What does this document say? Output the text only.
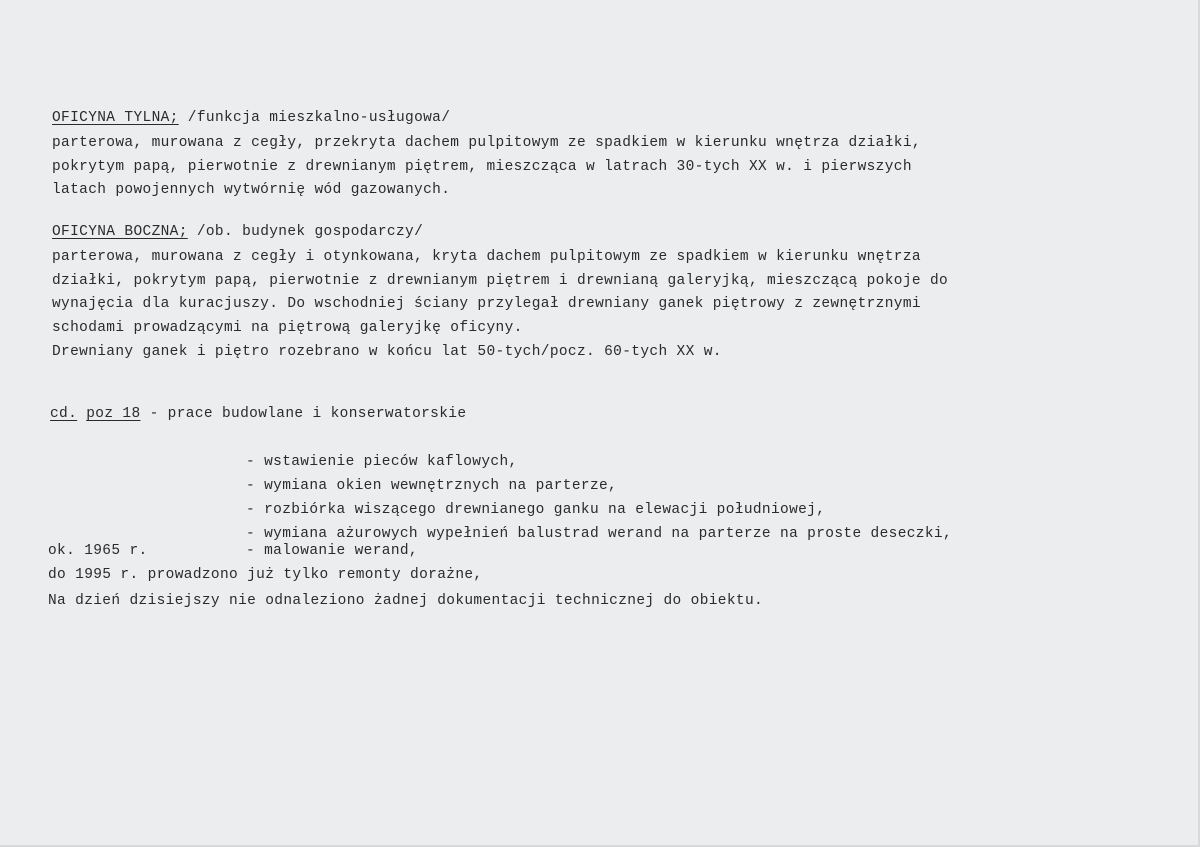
OFICYNA TYLNA; /funkcja mieszkalno-usługowa/
parterowa, murowana z cegły, przekryta dachem pulpitowym ze spadkiem w kierunku wnętrza działki,
pokrytym papą, pierwotnie z drewnianym piętrem, mieszcząca w latrach 30-tych XX w. i pierwszych
latach powojennych wytwórnię wód gazowanych.
OFICYNA BOCZNA; /ob. budynek gospodarczy/
parterowa, murowana z cegły i otynkowana, kryta dachem pulpitowym ze spadkiem w kierunku wnętrza
działki, pokrytym papą, pierwotnie z drewnianym piętrem i drewnianą galeryjką, mieszczącą pokoje do
wynajęcia dla kuracjuszy. Do wschodniej ściany przylegał drewniany ganek piętrowy z zewnętrznymi
schodami prowadzącymi na piętrową galeryjkę oficyny.
Drewniany ganek i piętro rozebrano w końcu lat 50-tych/pocz. 60-tych XX w.
cd. poz 18 - prace budowlane i konserwatorskie
- wstawienie pieców kaflowych,
- wymiana okien wewnętrznych na parterze,
- rozbiórka wiszącego drewnianego ganku na elewacji południowej,
- wymiana ażurowych wypełnień balustrad werand na parterze na proste deseczki,
ok. 1965 r.	- malowanie werand,
do 1995 r. prowadzono już tylko remonty dorażne,
Na dzień dzisiejszy nie odnaleziono żadnej dokumentacji technicznej do obiektu.
